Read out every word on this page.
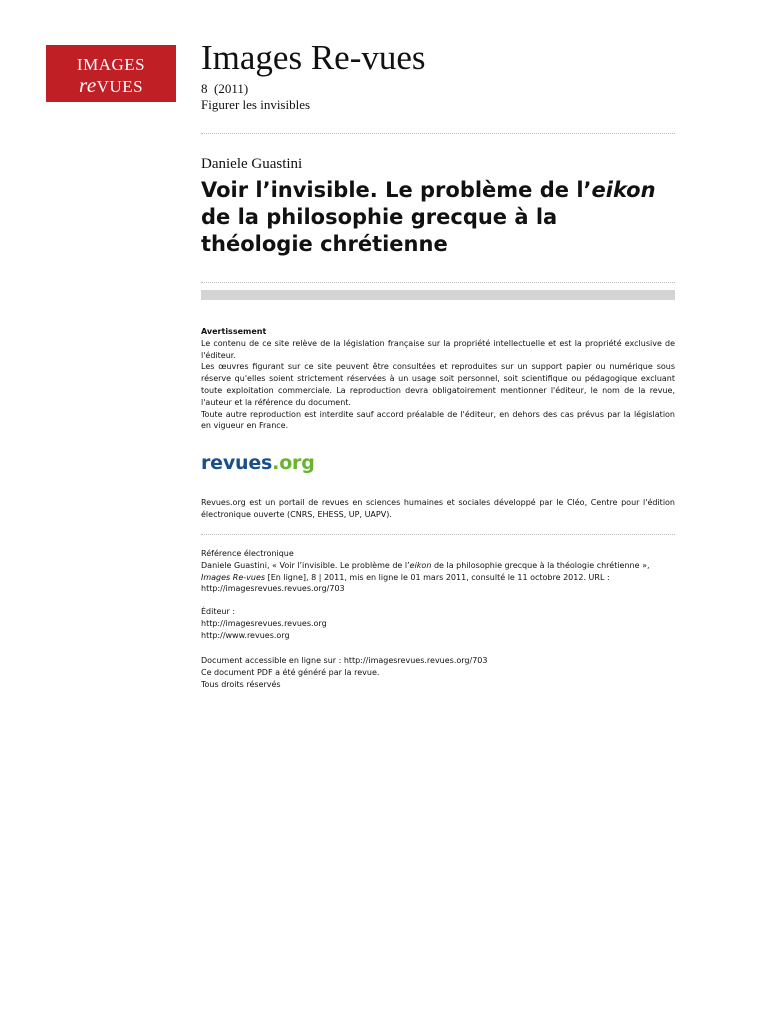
IMAGES
reVUES
Images Re-vues
8  (2011)
Figurer les invisibles
Daniele Guastini
Voir l’invisible. Le problème de l’eikon de la philosophie grecque à la théologie chrétienne

Avertissement

Le contenu de ce site relève de la législation française sur la propriété intellectuelle et est la propriété exclusive de l'éditeur.

Les œuvres figurant sur ce site peuvent être consultées et reproduites sur un support papier ou numérique sous réserve qu'elles soient strictement réservées à un usage soit personnel, soit scientifique ou pédagogique excluant toute exploitation commerciale. La reproduction devra obligatoirement mentionner l'éditeur, le nom de la revue, l'auteur et la référence du document.

Toute autre reproduction est interdite sauf accord préalable de l'éditeur, en dehors des cas prévus par la législation en vigueur en France.

revues.org

Revues.org est un portail de revues en sciences humaines et sociales développé par le Cléo, Centre pour l'édition électronique ouverte (CNRS, EHESS, UP, UAPV).

Référence électronique

Daniele Guastini, « Voir l’invisible. Le problème de l’eikon de la philosophie grecque à la théologie chrétienne », Images Re-vues [En ligne], 8 | 2011, mis en ligne le 01 mars 2011, consulté le 11 octobre 2012. URL : http://imagesrevues.revues.org/703

Éditeur :

http://imagesrevues.revues.org

http://www.revues.org

Document accessible en ligne sur : http://imagesrevues.revues.org/703

Ce document PDF a été généré par la revue.

Tous droits réservés
